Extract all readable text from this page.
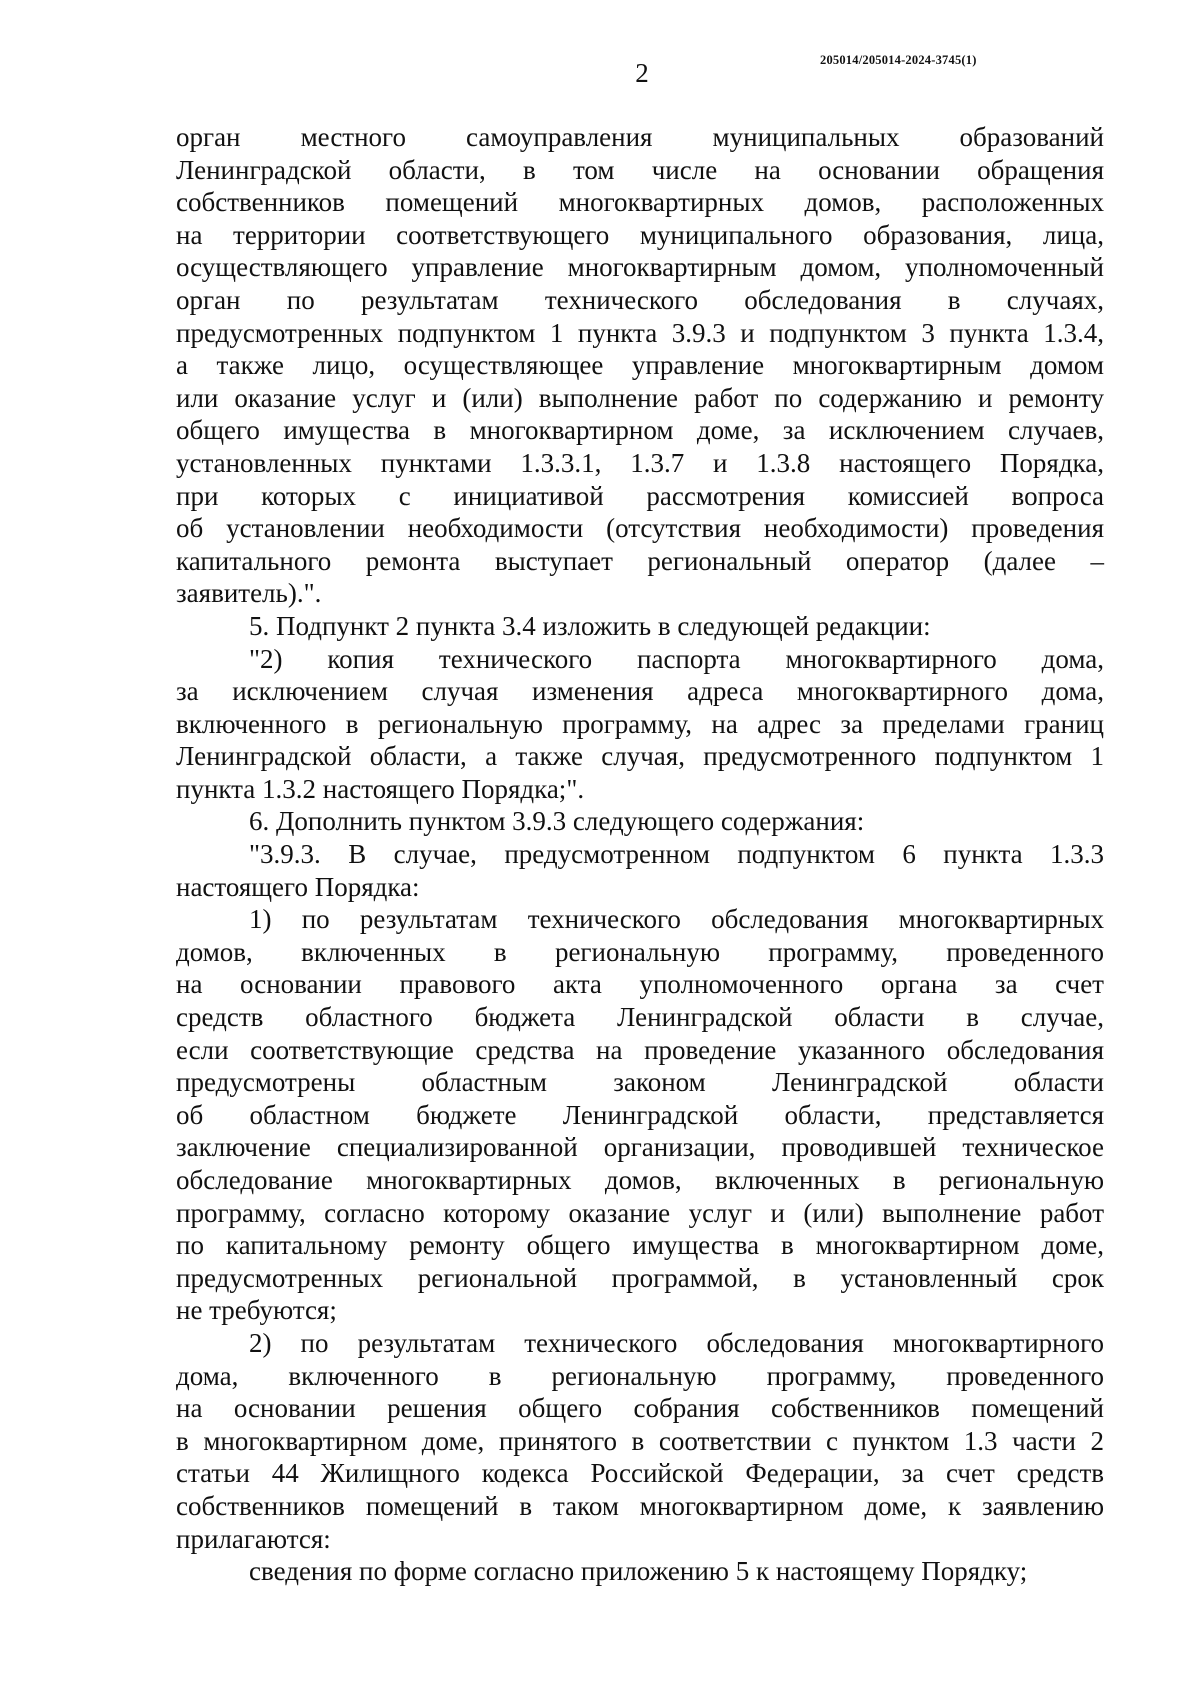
2	205014/205014-2024-3745(1)
орган местного самоуправления муниципальных образований
Ленинградской области, в том числе на основании обращения
собственников помещений многоквартирных домов, расположенных
на территории соответствующего муниципального образования, лица,
осуществляющего управление многоквартирным домом, уполномоченный
орган по результатам технического обследования в случаях,
предусмотренных подпунктом 1 пункта 3.9.3 и подпунктом 3 пункта 1.3.4,
а также лицо, осуществляющее управление многоквартирным домом
или оказание услуг и (или) выполнение работ по содержанию и ремонту
общего имущества в многоквартирном доме, за исключением случаев,
установленных пунктами 1.3.3.1, 1.3.7 и 1.3.8 настоящего Порядка,
при которых с инициативой рассмотрения комиссией вопроса
об установлении необходимости (отсутствия необходимости) проведения
капитального ремонта выступает региональный оператор (далее –
заявитель).".
5. Подпункт 2 пункта 3.4 изложить в следующей редакции:
"2) копия технического паспорта многоквартирного дома,
за исключением случая изменения адреса многоквартирного дома,
включенного в региональную программу, на адрес за пределами границ
Ленинградской области, а также случая, предусмотренного подпунктом 1
пункта 1.3.2 настоящего Порядка;".
6. Дополнить пунктом 3.9.3 следующего содержания:
"3.9.3. В случае, предусмотренном подпунктом 6 пункта 1.3.3
настоящего Порядка:
1) по результатам технического обследования многоквартирных
домов, включенных в региональную программу, проведенного
на основании правового акта уполномоченного органа за счет
средств областного бюджета Ленинградской области в случае,
если соответствующие средства на проведение указанного обследования
предусмотрены областным законом Ленинградской области
об областном бюджете Ленинградской области, представляется
заключение специализированной организации, проводившей техническое
обследование многоквартирных домов, включенных в региональную
программу, согласно которому оказание услуг и (или) выполнение работ
по капитальному ремонту общего имущества в многоквартирном доме,
предусмотренных региональной программой, в установленный срок
не требуются;
2) по результатам технического обследования многоквартирного
дома, включенного в региональную программу, проведенного
на основании решения общего собрания собственников помещений
в многоквартирном доме, принятого в соответствии с пунктом 1.3 части 2
статьи 44 Жилищного кодекса Российской Федерации, за счет средств
собственников помещений в таком многоквартирном доме, к заявлению
прилагаются:
сведения по форме согласно приложению 5 к настоящему Порядку;
